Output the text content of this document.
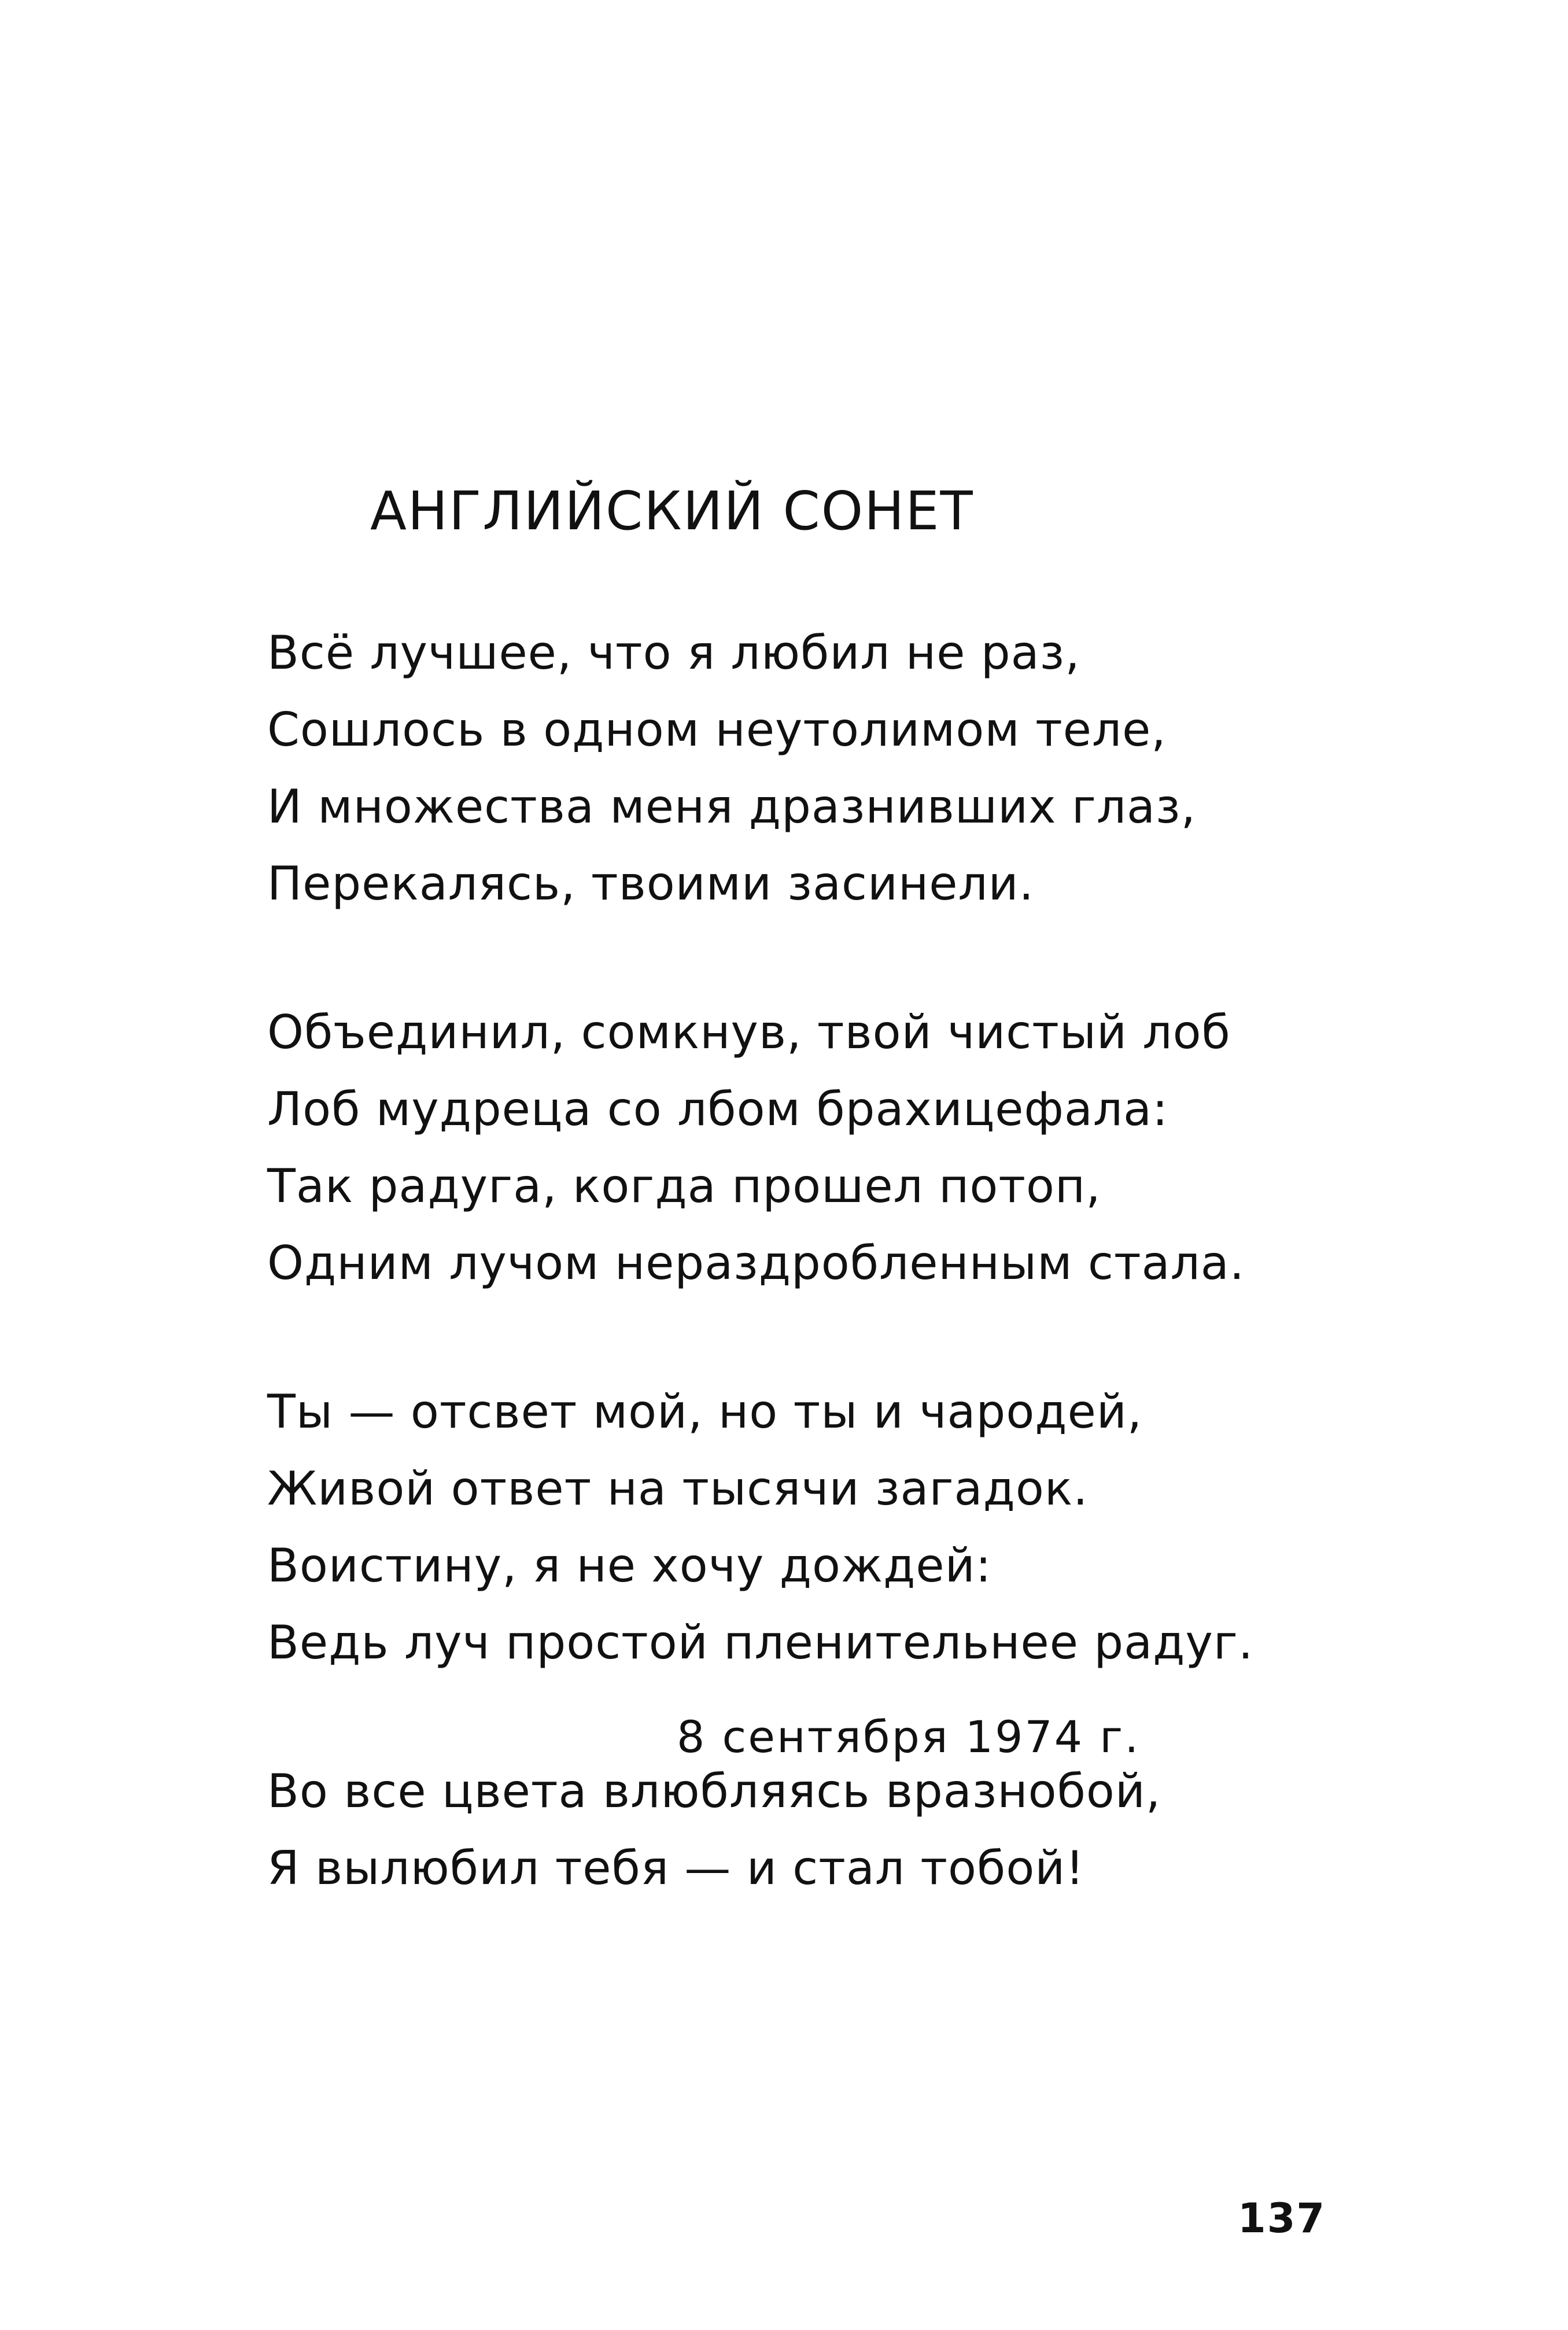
АНГЛИЙСКИЙ СОНЕТ
Всё лучшее, что я любил не раз,
Сошлось в одном неутолимом теле,
И множества меня дразнивших глаз,
Перекалясь, твоими засинели.
Объединил, сомкнув, твой чистый лоб
Лоб мудреца со лбом брахицефала:
Так радуга, когда прошел потоп,
Одним лучом нераздробленным стала.
Ты — отсвет мой, но ты и чародей,
Живой ответ на тысячи загадок.
Воистину, я не хочу дождей:
Ведь луч простой пленительнее радуг.
Во все цвета влюбляясь вразнобой,
Я вылюбил тебя — и стал тобой!
8 сентября 1974 г.
137
